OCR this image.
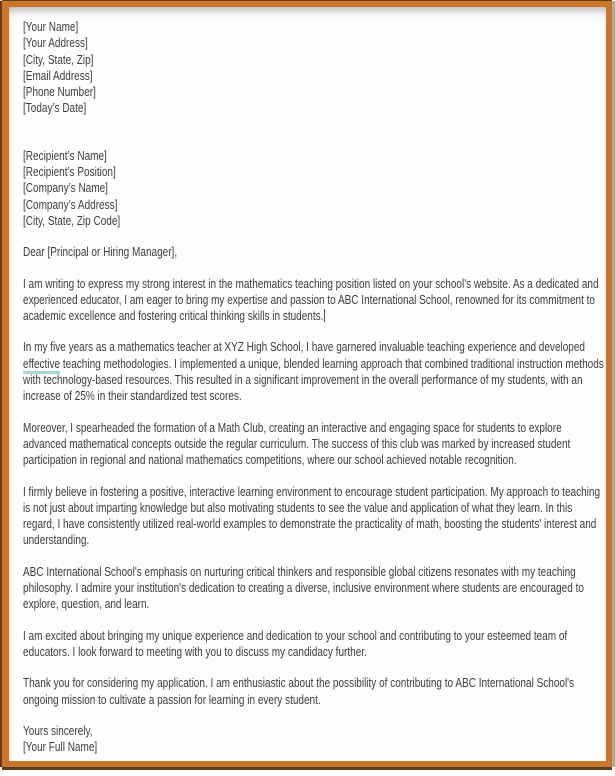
[Your Name]
[Your Address]
[City, State, Zip]
[Email Address]
[Phone Number]
[Today’s Date]
[Recipient’s Name]
[Recipient’s Position]
[Company’s Name]
[Company’s Address]
[City, State, Zip Code]

Dear [Principal or Hiring Manager],

I am writing to express my strong interest in the mathematics teaching position listed on your school's website. As a dedicated and experienced educator, I am eager to bring my expertise and passion to ABC International School, renowned for its commitment to academic excellence and fostering critical thinking skills in students.

In my five years as a mathematics teacher at XYZ High School, I have garnered invaluable teaching experience and developed effective teaching methodologies. I implemented a unique, blended learning approach that combined traditional instruction methods with technology-based resources. This resulted in a significant improvement in the overall performance of my students, with an increase of 25% in their standardized test scores.

Moreover, I spearheaded the formation of a Math Club, creating an interactive and engaging space for students to explore advanced mathematical concepts outside the regular curriculum. The success of this club was marked by increased student participation in regional and national mathematics competitions, where our school achieved notable recognition.

I firmly believe in fostering a positive, interactive learning environment to encourage student participation. My approach to teaching is not just about imparting knowledge but also motivating students to see the value and application of what they learn. In this regard, I have consistently utilized real-world examples to demonstrate the practicality of math, boosting the students' interest and understanding.

ABC International School's emphasis on nurturing critical thinkers and responsible global citizens resonates with my teaching philosophy. I admire your institution's dedication to creating a diverse, inclusive environment where students are encouraged to explore, question, and learn.

I am excited about bringing my unique experience and dedication to your school and contributing to your esteemed team of educators. I look forward to meeting with you to discuss my candidacy further.

Thank you for considering my application. I am enthusiastic about the possibility of contributing to ABC International School's ongoing mission to cultivate a passion for learning in every student.

Yours sincerely,
[Your Full Name]
